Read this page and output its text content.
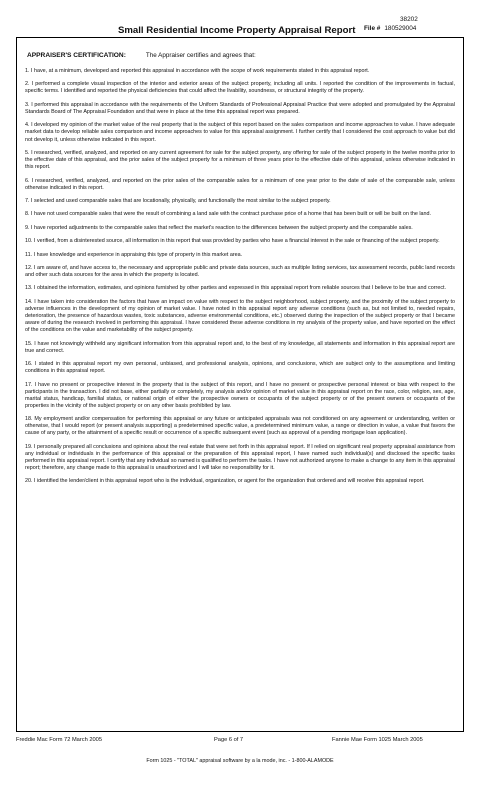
38202
Small Residential Income Property Appraisal Report File # 180529004
APPRAISER'S CERTIFICATION:	The Appraiser certifies and agrees that:

1. I have, at a minimum, developed and reported this appraisal in accordance with the scope of work requirements stated in this appraisal report.

2. I performed a complete visual inspection of the interior and exterior areas of the subject property, including all units. I reported the condition of the improvements in factual, specific terms. I identified and reported the physical deficiencies that could affect the livability, soundness, or structural integrity of the property.

3. I performed this appraisal in accordance with the requirements of the Uniform Standards of Professional Appraisal Practice that were adopted and promulgated by the Appraisal Standards Board of The Appraisal Foundation and that were in place at the time this appraisal report was prepared.

4. I developed my opinion of the market value of the real property that is the subject of this report based on the sales comparison and income approaches to value. I have adequate market data to develop reliable sales comparison and income approaches to value for this appraisal assignment. I further certify that I considered the cost approach to value but did not develop it, unless otherwise indicated in this report.

5. I researched, verified, analyzed, and reported on any current agreement for sale for the subject property, any offering for sale of the subject property in the twelve months prior to the effective date of this appraisal, and the prior sales of the subject property for a minimum of three years prior to the effective date of this appraisal, unless otherwise indicated in this report.

6. I researched, verified, analyzed, and reported on the prior sales of the comparable sales for a minimum of one year prior to the date of sale of the comparable sale, unless otherwise indicated in this report.

7. I selected and used comparable sales that are locationally, physically, and functionally the most similar to the subject property.

8. I have not used comparable sales that were the result of combining a land sale with the contract purchase price of a home that has been built or will be built on the land.

9. I have reported adjustments to the comparable sales that reflect the market's reaction to the differences between the subject property and the comparable sales.

10. I verified, from a disinterested source, all information in this report that was provided by parties who have a financial interest in the sale or financing of the subject property.

11. I have knowledge and experience in appraising this type of property in this market area.

12. I am aware of, and have access to, the necessary and appropriate public and private data sources, such as multiple listing services, tax assessment records, public land records and other such data sources for the area in which the property is located.

13. I obtained the information, estimates, and opinions furnished by other parties and expressed in this appraisal report from reliable sources that I believe to be true and correct.

14. I have taken into consideration the factors that have an impact on value with respect to the subject neighborhood, subject property, and the proximity of the subject property to adverse influences in the development of my opinion of market value. I have noted in this appraisal report any adverse conditions (such as, but not limited to, needed repairs, deterioration, the presence of hazardous wastes, toxic substances, adverse environmental conditions, etc.) observed during the inspection of the subject property or that I became aware of during the research involved in performing this appraisal. I have considered these adverse conditions in my analysis of the property value, and have reported on the effect of the conditions on the value and marketability of the subject property.

15. I have not knowingly withheld any significant information from this appraisal report and, to the best of my knowledge, all statements and information in this appraisal report are true and correct.

16. I stated in this appraisal report my own personal, unbiased, and professional analysis, opinions, and conclusions, which are subject only to the assumptions and limiting conditions in this appraisal report.

17. I have no present or prospective interest in the property that is the subject of this report, and I have no present or prospective personal interest or bias with respect to the participants in the transaction. I did not base, either partially or completely, my analysis and/or opinion of market value in this appraisal report on the race, color, religion, sex, age, marital status, handicap, familial status, or national origin of either the prospective owners or occupants of the subject property or of the present owners or occupants of the properties in the vicinity of the subject property or on any other basis prohibited by law.

18. My employment and/or compensation for performing this appraisal or any future or anticipated appraisals was not conditioned on any agreement or understanding, written or otherwise, that I would report (or present analysis supporting) a predetermined specific value, a predetermined minimum value, a range or direction in value, a value that favors the cause of any party, or the attainment of a specific result or occurrence of a specific subsequent event (such as approval of a pending mortgage loan application).

19. I personally prepared all conclusions and opinions about the real estate that were set forth in this appraisal report. If I relied on significant real property appraisal assistance from any individual or individuals in the performance of this appraisal or the preparation of this appraisal report, I have named such individual(s) and disclosed the specific tasks performed in this appraisal report. I certify that any individual so named is qualified to perform the tasks. I have not authorized anyone to make a change to any item in this appraisal report; therefore, any change made to this appraisal is unauthorized and I will take no responsibility for it.

20. I identified the lender/client in this appraisal report who is the individual, organization, or agent for the organization that ordered and will receive this appraisal report.

Freddie Mac Form 72 March 2005	Page 6 of 7	Fannie Mae Form 1025 March 2005
Form 1025 - "TOTAL" appraisal software by a la mode, inc. - 1-800-ALAMODE
